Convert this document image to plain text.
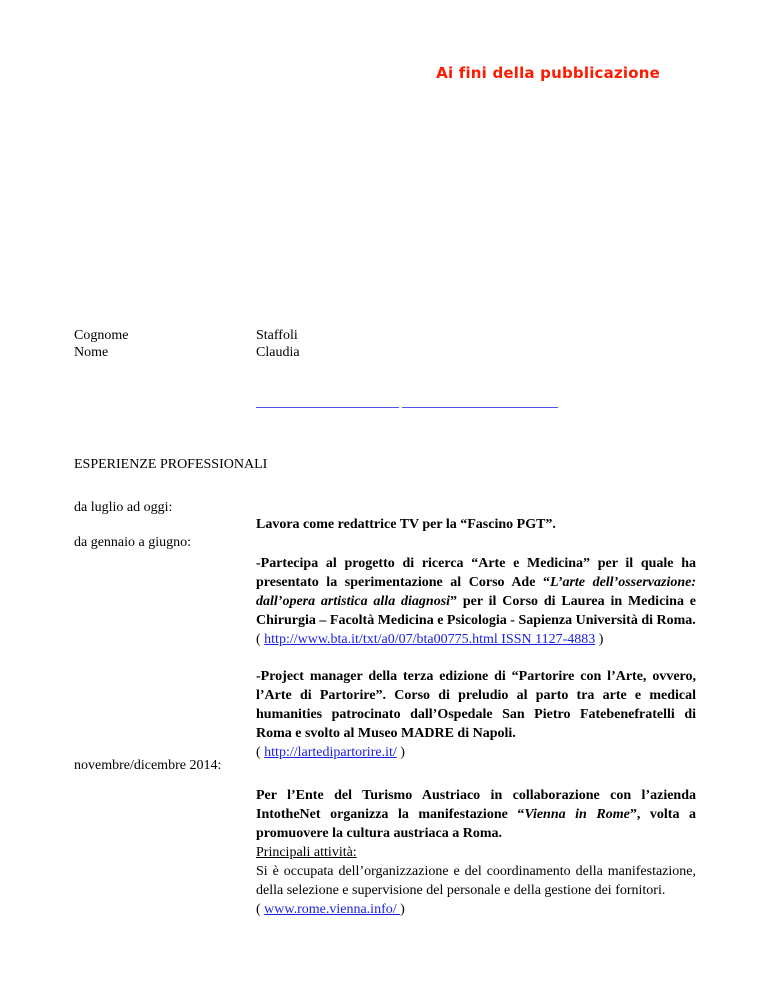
Ai fini della pubblicazione
Cognome
Nome
Staffoli
Claudia
ESPERIENZE PROFESSIONALI
da luglio ad oggi:
Lavora come redattrice TV per la “Fascino PGT”.
da gennaio a giugno:
-Partecipa al progetto di ricerca “Arte e Medicina” per il quale ha presentato la sperimentazione al Corso Ade “L’arte dell’osservazione: dall’opera artistica alla diagnosi” per il Corso di Laurea in Medicina e Chirurgia – Facoltà Medicina e Psicologia - Sapienza Università di Roma.
( http://www.bta.it/txt/a0/07/bta00775.html ISSN 1127-4883 )
-Project manager della terza edizione di “Partorire con l’Arte, ovvero, l’Arte di Partorire”. Corso di preludio al parto tra arte e medical humanities patrocinato dall’Ospedale San Pietro Fatebenefratelli di Roma e svolto al Museo MADRE di Napoli.
( http://lartedipartorire.it/ )
novembre/dicembre 2014:
Per l’Ente del Turismo Austriaco in collaborazione con l’azienda IntotheNet organizza la manifestazione “Vienna in Rome”, volta a promuovere la cultura austriaca a Roma.
Principali attività:
Si è occupata dell’organizzazione e del coordinamento della manifestazione, della selezione e supervisione del personale e della gestione dei fornitori.
( www.rome.vienna.info/ )
